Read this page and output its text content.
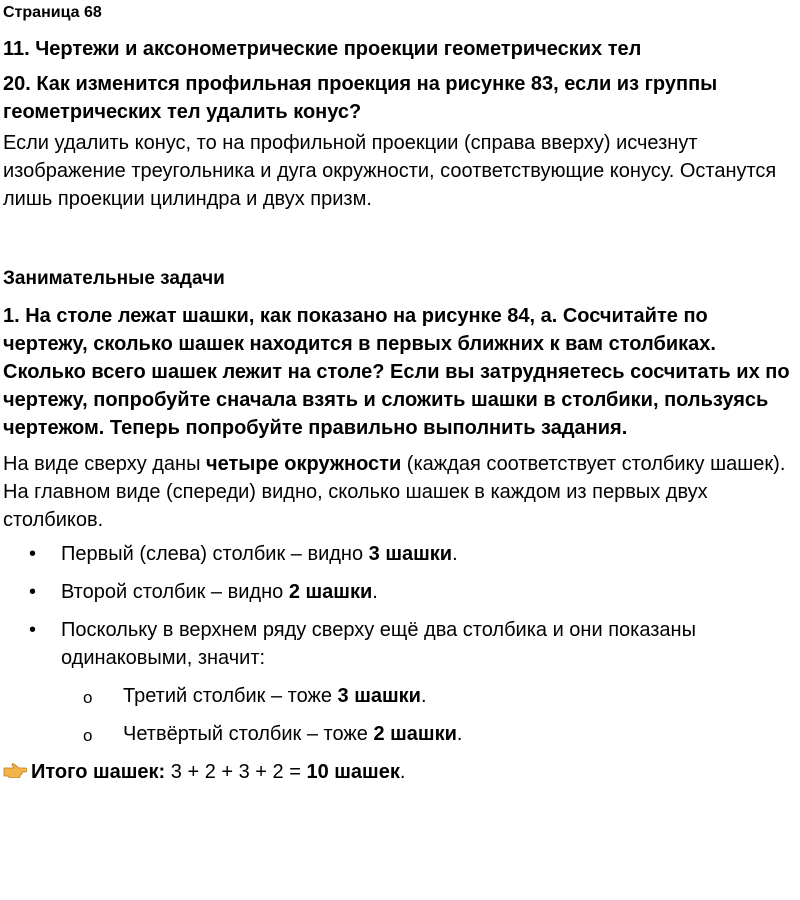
Страница 68
11. Чертежи и аксонометрические проекции геометрических тел
20. Как изменится профильная проекция на рисунке 83, если из группы геометрических тел удалить конус?
Если удалить конус, то на профильной проекции (справа вверху) исчезнут изображение треугольника и дуга окружности, соответствующие конусу. Останутся лишь проекции цилиндра и двух призм.
Занимательные задачи
1. На столе лежат шашки, как показано на рисунке 84, а. Сосчитайте по чертежу, сколько шашек находится в первых ближних к вам столбиках. Сколько всего шашек лежит на столе? Если вы затрудняетесь сосчитать их по чертежу, попробуйте сначала взять и сложить шашки в столбики, пользуясь чертежом. Теперь попробуйте правильно выполнить задания.
На виде сверху даны четыре окружности (каждая соответствует столбику шашек).
На главном виде (спереди) видно, сколько шашек в каждом из первых двух столбиков.
• Первый (слева) столбик – видно 3 шашки.
• Второй столбик – видно 2 шашки.
• Поскольку в верхнем ряду сверху ещё два столбика и они показаны одинаковыми, значит:
o Третий столбик – тоже 3 шашки.
o Четвёртый столбик – тоже 2 шашки.
Итого шашек: 3 + 2 + 3 + 2 = 10 шашек.
